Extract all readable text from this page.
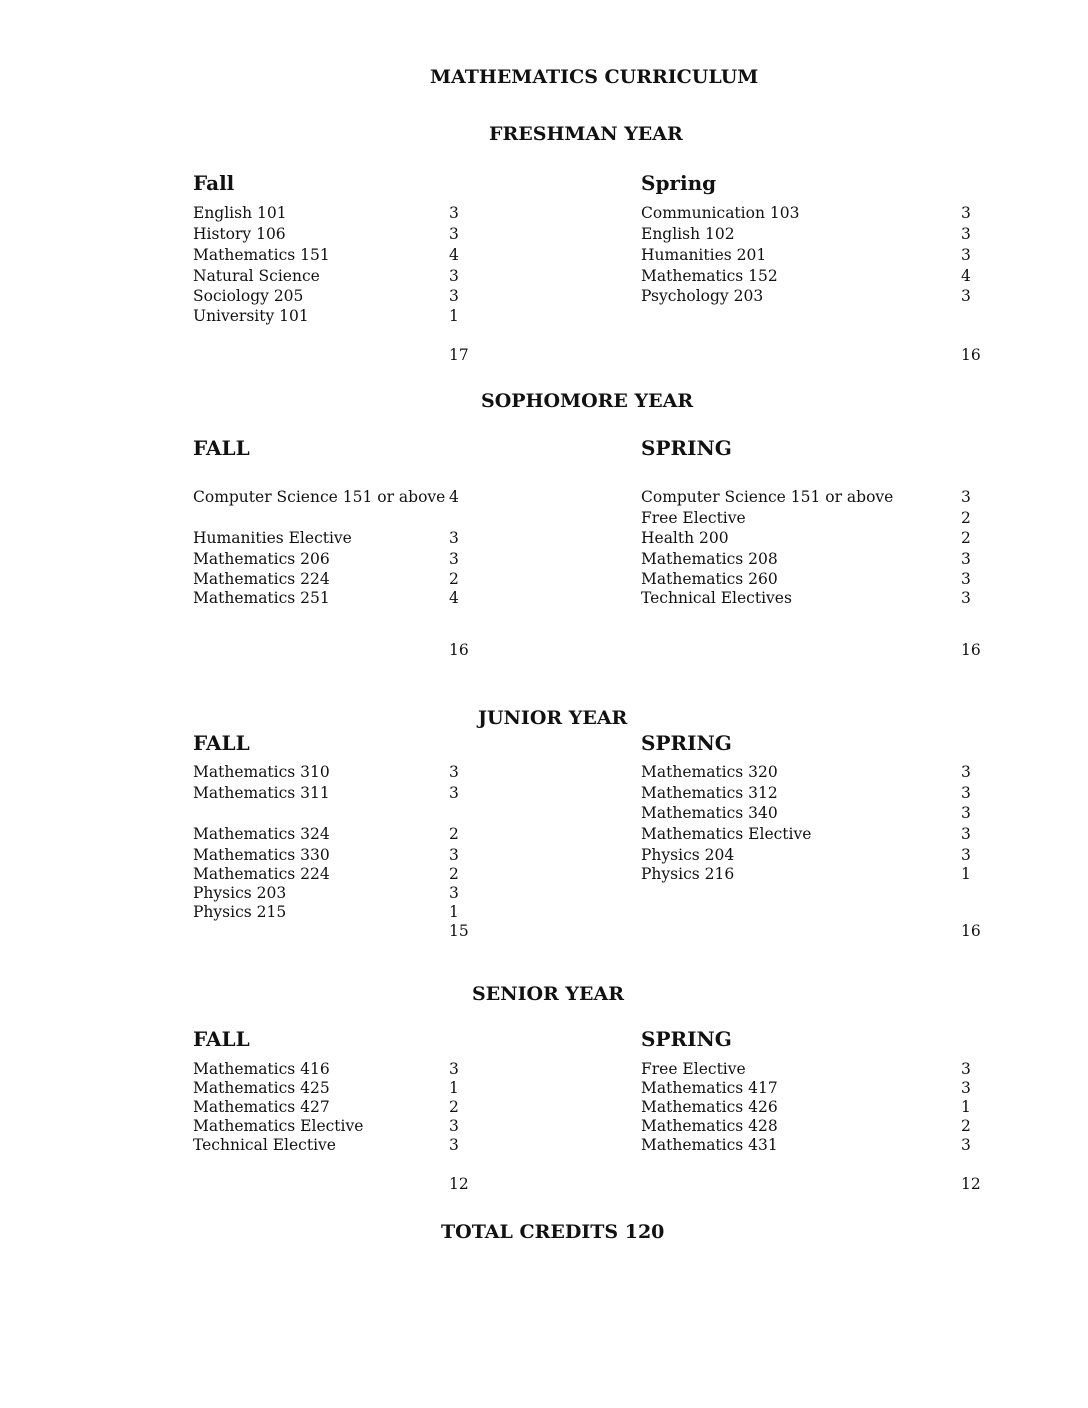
MATHEMATICS CURRICULUM
TOTAL CREDITS 120
FRESHMAN YEAR
Fall
English 101	3
History 106	3
Mathematics 151	4
Natural Science	3
Sociology 205	3
University 101	1
17
Spring
Communication 103	3
English 102	3
Humanities 201	3
Mathematics 152	4
Psychology 203	3
16
SOPHOMORE YEAR
FALL
Computer Science 151 or above 4
Humanities Elective	3
Mathematics 206	3
Mathematics 224	2
Mathematics 251	4
16
SPRING
Computer Science 151 or above	3
Free Elective	2
Health 200	2
Mathematics 208	3
Mathematics 260	3
Technical Electives	3
16
JUNIOR YEAR
FALL
Mathematics 310	3
Mathematics 311	3
Mathematics 324	2
Mathematics 330	3
Mathematics 224	2
Physics 203	3
Physics 215	1
15
SPRING
Mathematics 320	3
Mathematics 312	3
Mathematics 340	3
Mathematics Elective	3
Physics 204	3
Physics 216	1
16
SENIOR YEAR
FALL
Mathematics 416	3
Mathematics 425	1
Mathematics 427	2
Mathematics Elective	3
Technical Elective	3
12
SPRING
Free Elective	3
Mathematics 417	3
Mathematics 426	1
Mathematics 428	2
Mathematics 431	3
12
